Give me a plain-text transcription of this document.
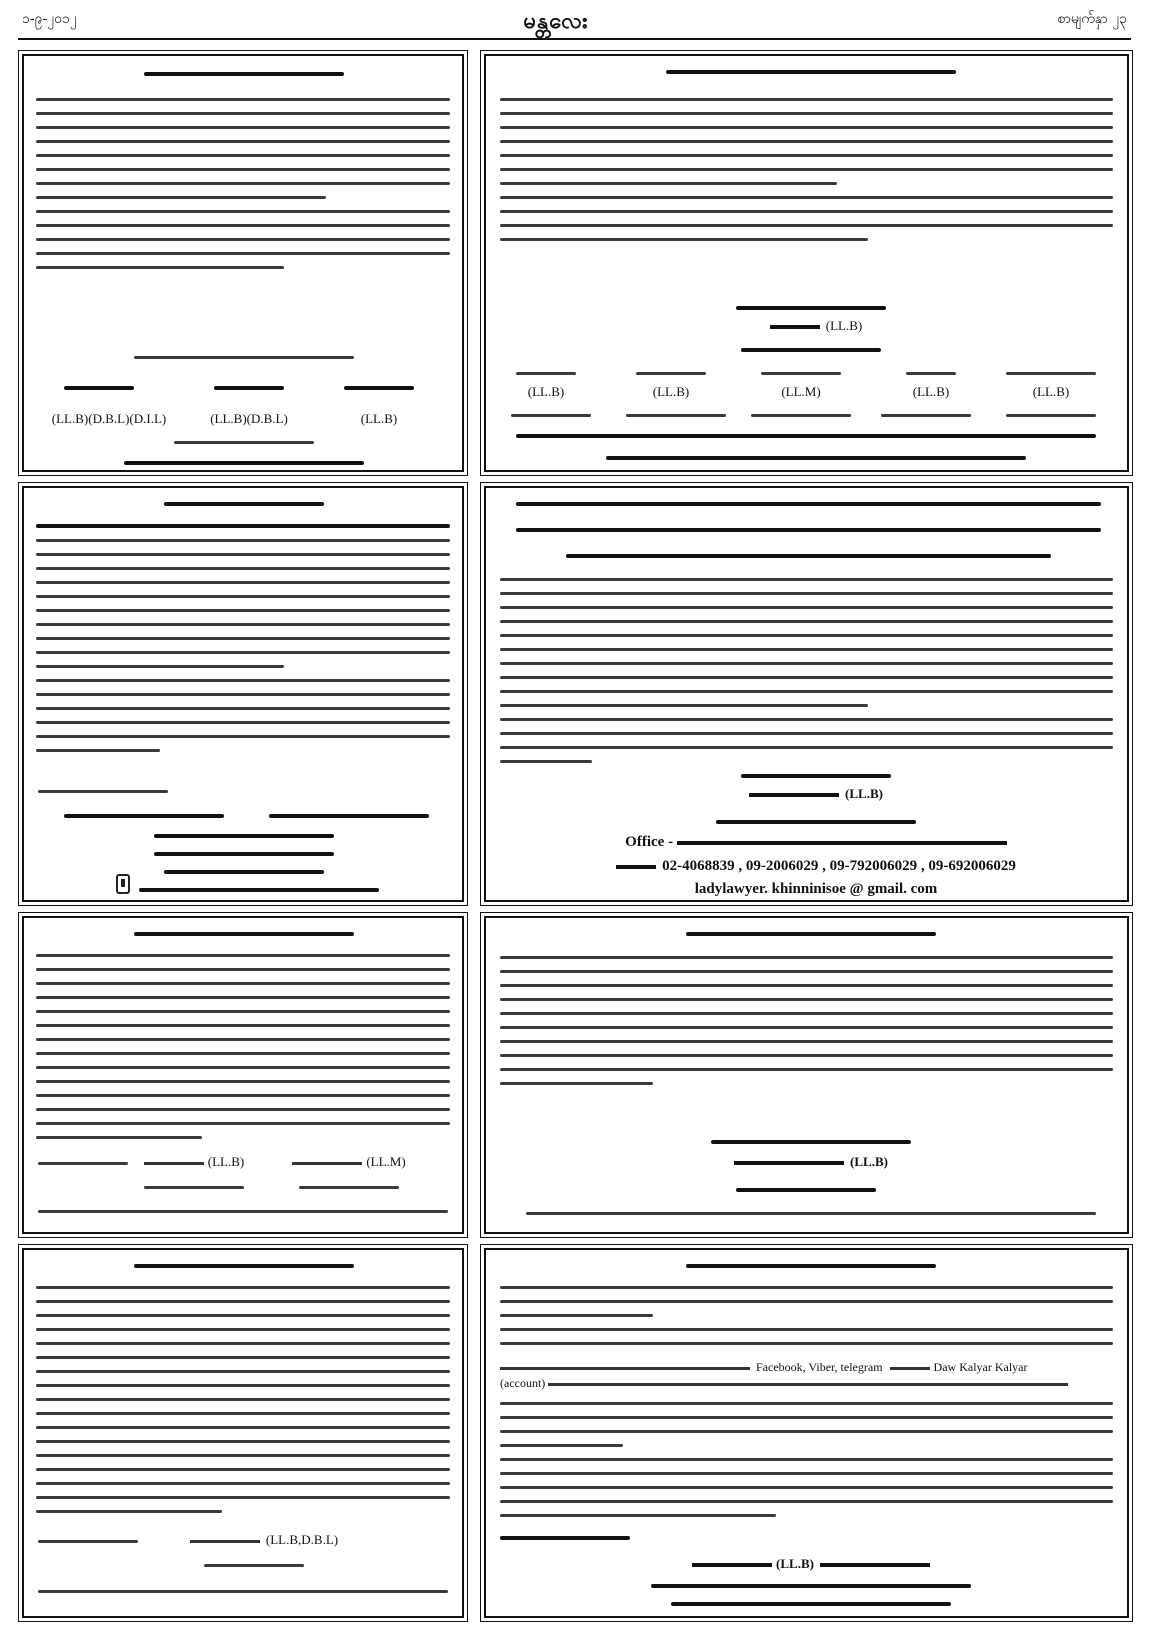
၁-၉-၂၀၁၂	မန္တလေး	စာမျက်နှာ ၂၃
(LL.B)(D.B.L)(D.I.L)	(LL.B)(D.B.L)	(LL.B)
(LL.B)
(LL.B)	(LL.B)	(LL.M)	(LL.B)	(LL.B)
(LL.B)
Office -
02-4068839 , 09-2006029 , 09-792006029 , 09-692006029
ladylawyer. khinninisoe @ gmail. com
(LL.B)	(LL.M)	(LL.B)
(LL.B,D.B.L)
Facebook, Viber, telegram	Daw Kalyar Kalyar
(account)
(LL.B)
